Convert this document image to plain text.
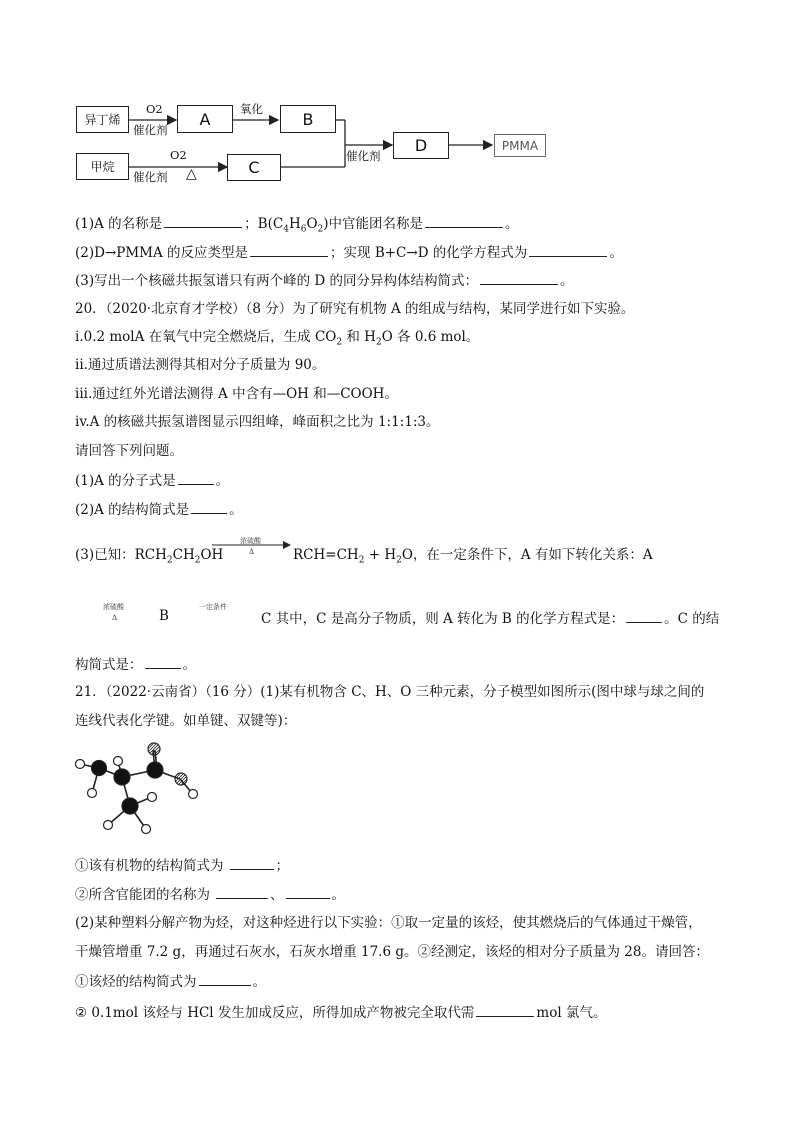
异丁烯
甲烷
A	B
C
D	PMMA
O2
催化剂
氧化
O2
催化剂 △
催化剂
(1)A 的名称是	；$B(C_4H_6O_2)$中官能团名称是	。
(2)D→PMMA 的反应类型是	；实现 B+C→D 的化学方程式为	。
(3)写出一个核磁共振氢谱只有两个峰的 D 的同分异构体结构简式：	。
20．（2020·北京育才学校）（8 分）为了研究有机物 A 的组成与结构，某同学进行如下实验。
i.0.2 molA 在氧气中完全燃烧后，生成 $CO_2$ 和 $H_2O$ 各 0.6 mol。
ii.通过质谱法测得其相对分子质量为 90。
iii.通过红外光谱法测得 A 中含有—OH 和—COOH。
iv.A 的核磁共振氢谱图显示四组峰，峰面积之比为 1:1:1:3。
请回答下列问题。
(1)A 的分子式是	。
(2)A 的结构简式是	。
(3)已知：$RCH_2CH_2OH$
浓硫酸
Δ	$RCH=CH_2 + H_2O$，在一定条件下，A 有如下转化关系：A
浓硫酸
Δ	B
一定条件
C 其中，C 是高分子物质，则 A 转化为 B 的化学方程式是：	。C 的结
构简式是：	。
21．（2022·云南省）（16 分）(1)某有机物含 C、H、O 三种元素，分子模型如图所示(图中球与球之间的
连线代表化学键。如单键、双键等)：
①该有机物的结构简式为	；
②所含官能团的名称为	、	。
(2)某种塑料分解产物为烃，对这种烃进行以下实验：①取一定量的该烃，使其燃烧后的气体通过干燥管，
干燥管增重 7.2 g，再通过石灰水，石灰水增重 17.6 g。②经测定，该烃的相对分子质量为 28。请回答：
①该烃的结构简式为	。
② 0.1mol 该烃与 HCl 发生加成反应，所得加成产物被完全取代需	mol 氯气。
